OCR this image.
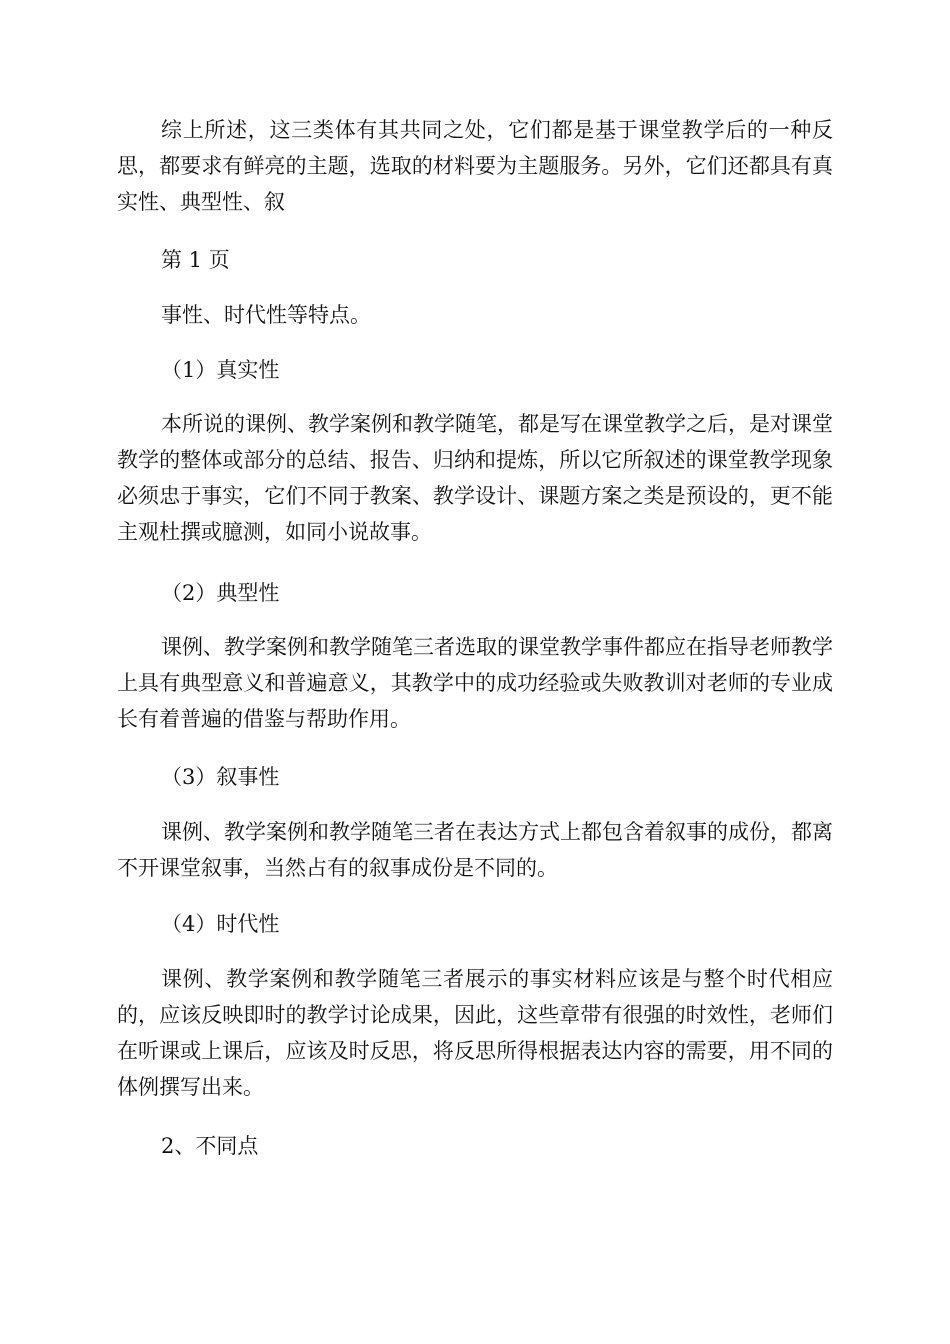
综上所述，这三类体有其共同之处，它们都是基于课堂教学后的一种反思，都要求有鲜亮的主题，选取的材料要为主题服务。另外，它们还都具有真实性、典型性、叙

第 1 页

事性、时代性等特点。

（1）真实性

本所说的课例、教学案例和教学随笔，都是写在课堂教学之后，是对课堂教学的整体或部分的总结、报告、归纳和提炼，所以它所叙述的课堂教学现象必须忠于事实，它们不同于教案、教学设计、课题方案之类是预设的，更不能主观杜撰或臆测，如同小说故事。

（2）典型性

课例、教学案例和教学随笔三者选取的课堂教学事件都应在指导老师教学上具有典型意义和普遍意义，其教学中的成功经验或失败教训对老师的专业成长有着普遍的借鉴与帮助作用。

（3）叙事性

课例、教学案例和教学随笔三者在表达方式上都包含着叙事的成份，都离不开课堂叙事，当然占有的叙事成份是不同的。

（4）时代性

课例、教学案例和教学随笔三者展示的事实材料应该是与整个时代相应的，应该反映即时的教学讨论成果，因此，这些章带有很强的时效性，老师们在听课或上课后，应该及时反思，将反思所得根据表达内容的需要，用不同的体例撰写出来。

2、不同点
